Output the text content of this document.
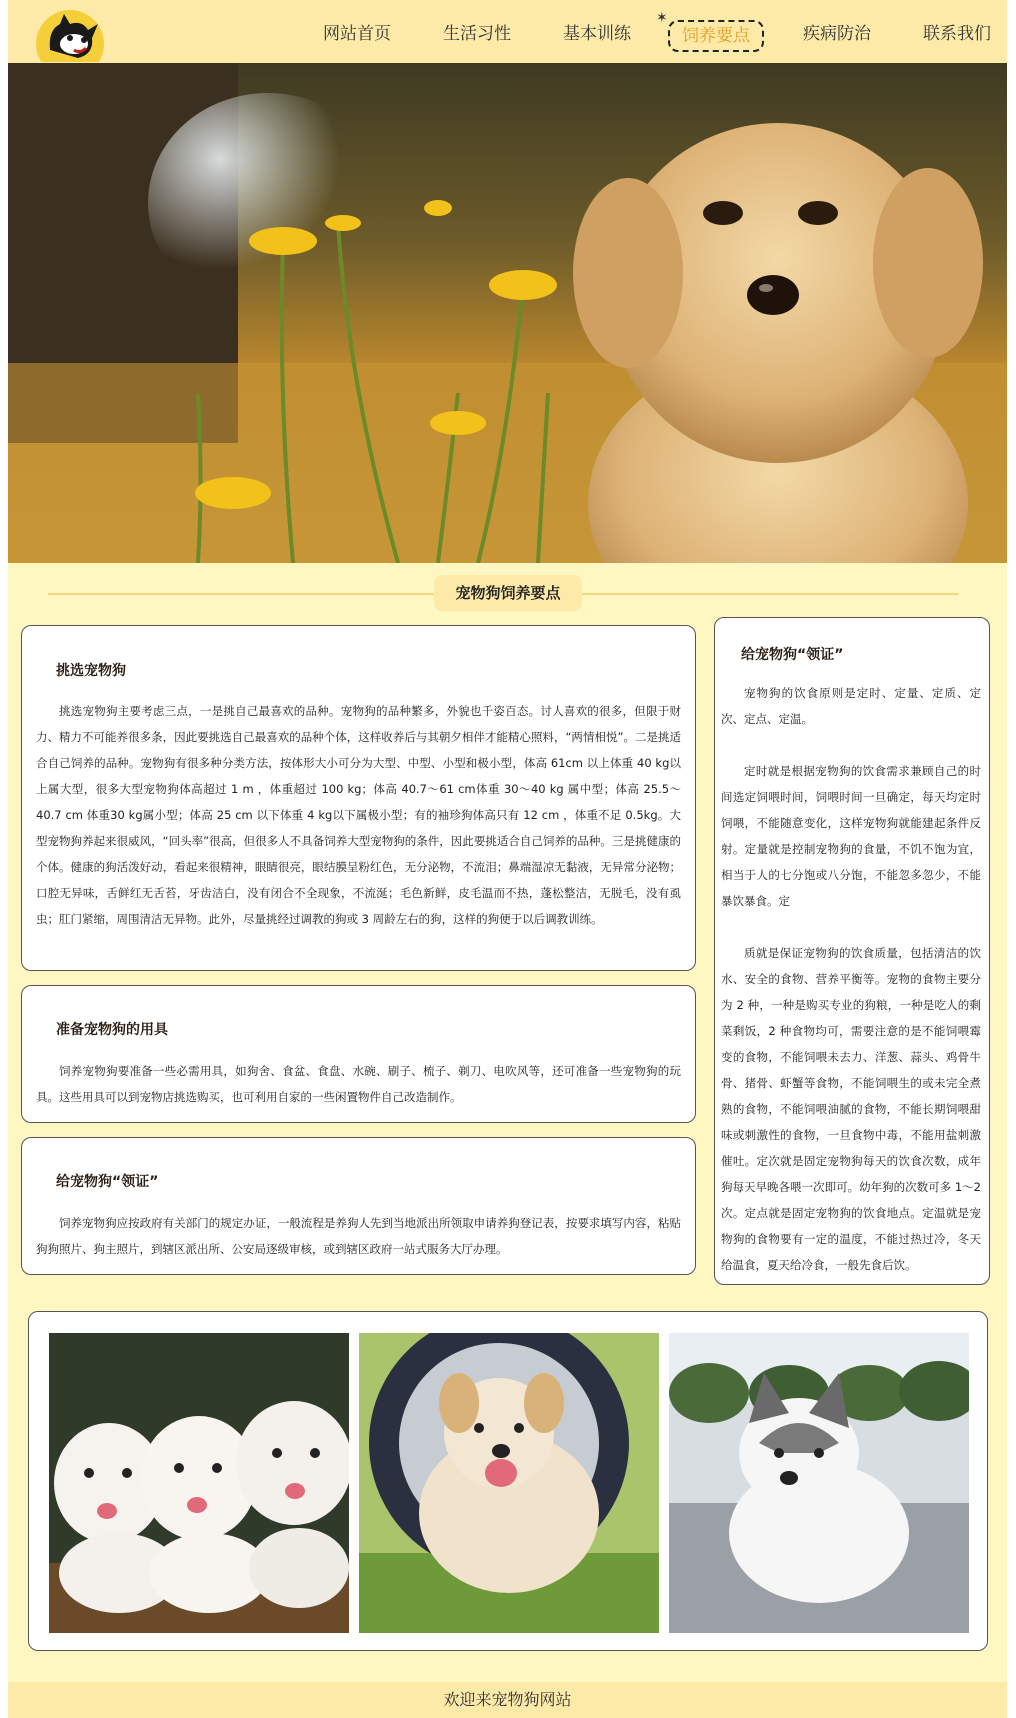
✶
网站首页	生活习性	基本训练	饲养要点	疾病防治	联系我们
宠物狗饲养要点
挑选宠物狗

挑选宠物狗主要考虑三点，一是挑自己最喜欢的品种。宠物狗的品种繁多，外貌也千姿百态。讨人喜欢的很多，但限于财力、精力不可能养很多条，因此要挑选自己最喜欢的品种个体，这样收养后与其朝夕相伴才能精心照料，“两情相悦”。二是挑适合自己饲养的品种。宠物狗有很多种分类方法，按体形大小可分为大型、中型、小型和极小型，体高 61cm 以上体重 40 kg以上属大型，很多大型宠物狗体高超过 1 m ，体重超过 100 kg；体高 40.7～61 cm体重 30～40 kg 属中型；体高 25.5～40.7 cm 体重30 kg属小型；体高 25 cm 以下体重 4 kg以下属极小型；有的袖珍狗体高只有 12 cm ，体重不足 0.5kg。大型宠物狗养起来很威风，“回头率”很高，但很多人不具备饲养大型宠物狗的条件，因此要挑适合自己饲养的品种。三是挑健康的个体。健康的狗活泼好动，看起来很精神，眼睛很亮，眼结膜呈粉红色，无分泌物，不流泪；鼻端湿凉无黏液，无异常分泌物；口腔无异味，舌鲜红无舌苔，牙齿洁白，没有闭合不全现象，不流涎；毛色新鲜，皮毛温而不热，蓬松整洁，无脱毛，没有虱虫；肛门紧缩，周围清洁无异物。此外，尽量挑经过调教的狗或 3 周龄左右的狗，这样的狗便于以后调教训练。

准备宠物狗的用具

饲养宠物狗要准备一些必需用具，如狗舍、食盆、食盘、水碗、刷子、梳子、剃刀、电吹风等，还可准备一些宠物狗的玩具。这些用具可以到宠物店挑选购买，也可利用自家的一些闲置物件自己改造制作。

给宠物狗“领证”

饲养宠物狗应按政府有关部门的规定办证，一般流程是养狗人先到当地派出所领取申请养狗登记表，按要求填写内容，粘贴狗狗照片、狗主照片，到辖区派出所、公安局逐级审核，或到辖区政府一站式服务大厅办理。

给宠物狗“领证”

宠物狗的饮食原则是定时、定量、定质、定次、定点、定温。

定时就是根据宠物狗的饮食需求兼顾自己的时间选定饲喂时间，饲喂时间一旦确定，每天均定时饲喂，不能随意变化，这样宠物狗就能建起条件反射。定量就是控制宠物狗的食量，不饥不饱为宜，相当于人的七分饱或八分饱，不能忽多忽少，不能暴饮暴食。定

质就是保证宠物狗的饮食质量，包括清洁的饮水、安全的食物、营养平衡等。宠物的食物主要分为 2 种，一种是购买专业的狗粮，一种是吃人的剩菜剩饭，2 种食物均可，需要注意的是不能饲喂霉变的食物，不能饲喂未去力、洋葱、蒜头、鸡骨牛骨、猪骨、虾蟹等食物，不能饲喂生的或未完全煮熟的食物，不能饲喂油腻的食物，不能长期饲喂甜味或刺激性的食物，一旦食物中毒，不能用盐刺激催吐。定次就是固定宠物狗每天的饮食次数，成年狗每天早晚各喂一次即可。幼年狗的次数可多 1～2次。定点就是固定宠物狗的饮食地点。定温就是宠物狗的食物要有一定的温度，不能过热过冷，冬天给温食，夏天给冷食，一般先食后饮。

欢迎来宠物狗网站
